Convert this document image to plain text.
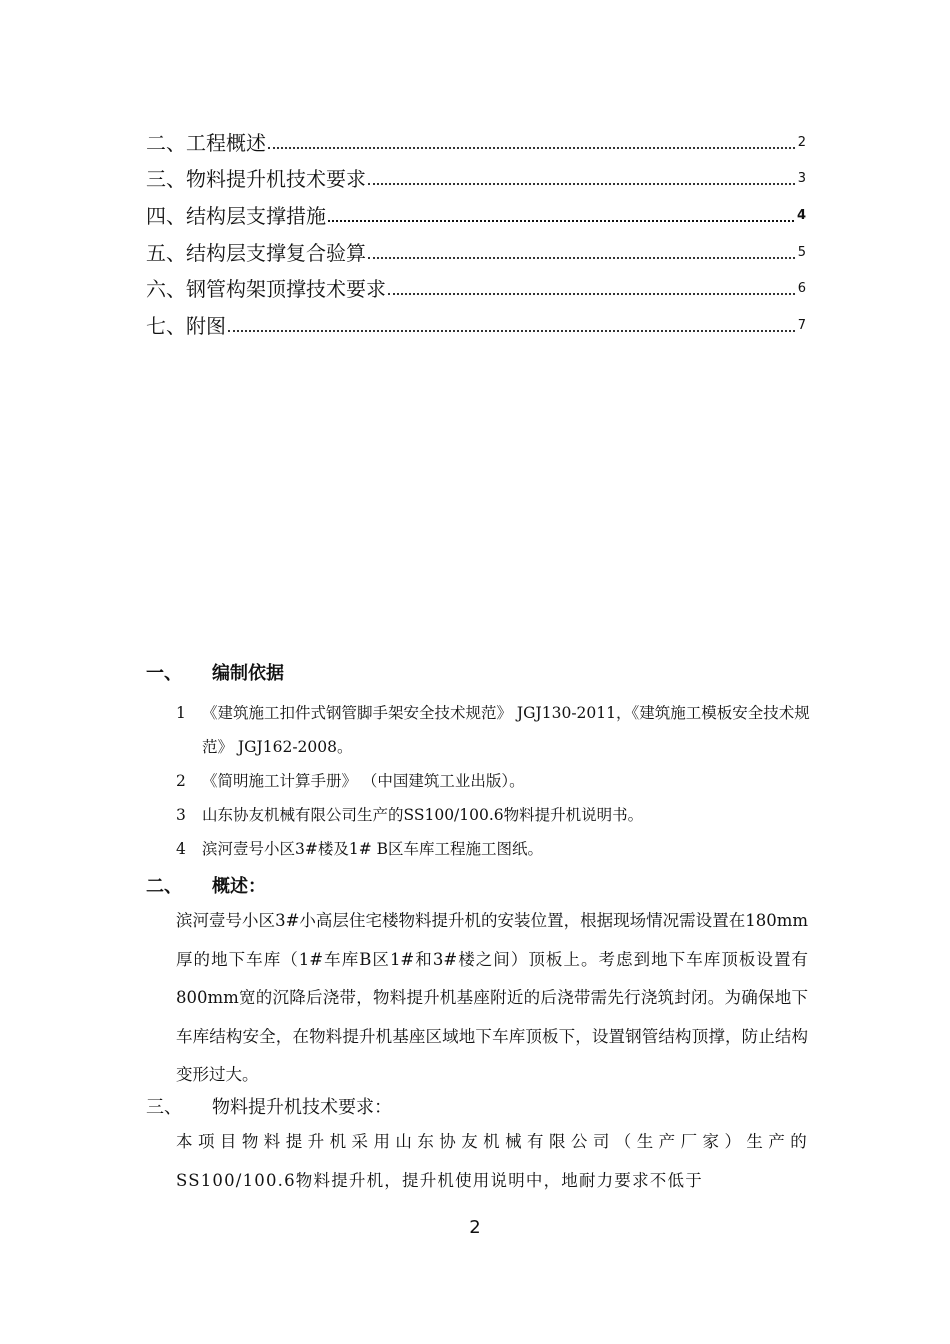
二、 工程概述	2
三、 物料提升机技术要求	3
四、 结构层支撑措施	4
五、 结构层支撑复合验算	5
六、 钢管构架顶撑技术要求	6
七、 附图	7
一、 编制依据
1	《建筑施工扣件式钢管脚手架安全技术规范》 JGJ130-2011，《建筑施工模板安全技术规范》 JGJ162-2008。
2	《简明施工计算手册》 （中国建筑工业出版）。
3	山东协友机械有限公司生产的SS100/100.6物料提升机说明书。
4	滨河壹号小区3#楼及1# B区车库工程施工图纸。
二、 概述：
滨河壹号小区3#小高层住宅楼物料提升机的安装位置，根据现场情况需设置在180mm厚的地下车库（1#车库B区1#和3#楼之间）顶板上。考虑到地下车库顶板设置有800mm宽的沉降后浇带，物料提升机基座附近的后浇带需先行浇筑封闭。为确保地下车库结构安全，在物料提升机基座区域地下车库顶板下，设置钢管结构顶撑，防止结构变形过大。
三、 物料提升机技术要求：
本项目物料提升机采用山东协友机械有限公司（生产厂家）生产的SS100/100.6物料提升机，提升机使用说明中，地耐力要求不低于
2
